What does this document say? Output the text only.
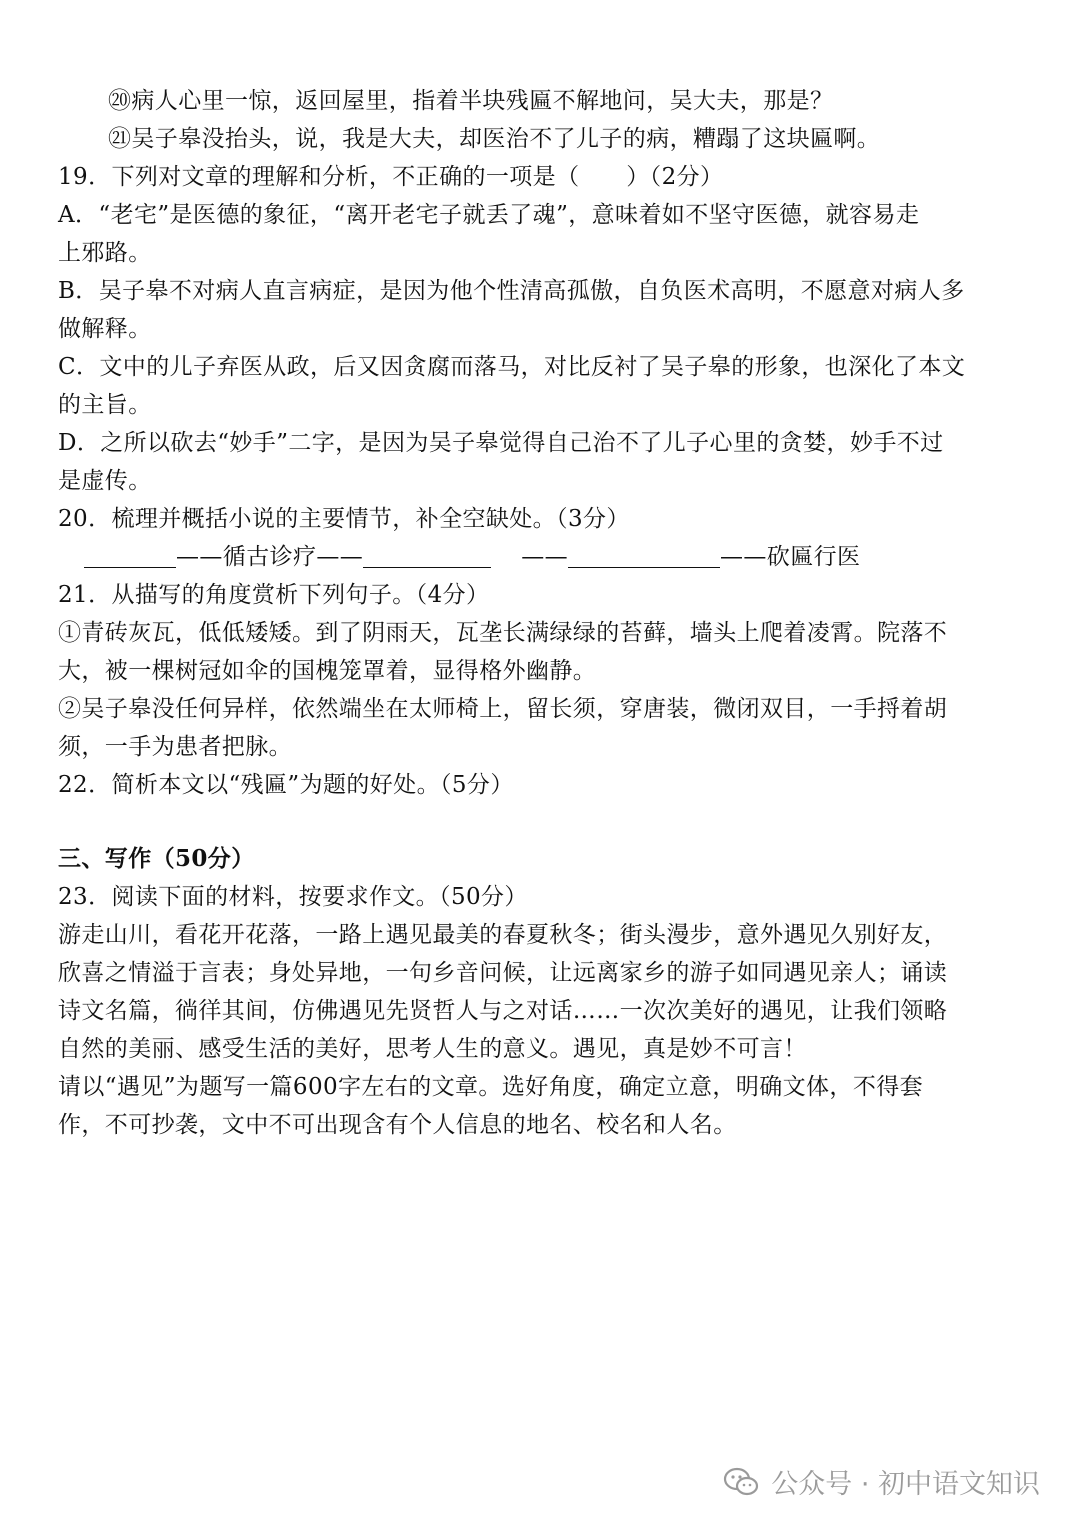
⑳病人心里一惊，返回屋里，指着半块残匾不解地问，吴大夫，那是？
㉑吴子皋没抬头，说，我是大夫，却医治不了儿子的病，糟蹋了这块匾啊。
19．下列对文章的理解和分析，不正确的一项是（　　）（2分）
A．“老宅”是医德的象征，“离开老宅子就丢了魂”，意味着如不坚守医德，就容易走
上邪路。
B．吴子皋不对病人直言病症，是因为他个性清高孤傲，自负医术高明，不愿意对病人多
做解释。
C．文中的儿子弃医从政，后又因贪腐而落马，对比反衬了吴子皋的形象，也深化了本文
的主旨。
D．之所以砍去“妙手”二字，是因为吴子皋觉得自己治不了儿子心里的贪婪，妙手不过
是虚传。
20．梳理并概括小说的主要情节，补全空缺处。（3分）
——循古诊疗——	——	——砍匾行医
21．从描写的角度赏析下列句子。（4分）
①青砖灰瓦，低低矮矮。到了阴雨天，瓦垄长满绿绿的苔藓，墙头上爬着凌霄。院落不
大，被一棵树冠如伞的国槐笼罩着，显得格外幽静。
②吴子皋没任何异样，依然端坐在太师椅上，留长须，穿唐装，微闭双目，一手捋着胡
须，一手为患者把脉。
22．简析本文以“残匾”为题的好处。（5分）
三、写作（50分）
23．阅读下面的材料，按要求作文。（50分）
游走山川，看花开花落，一路上遇见最美的春夏秋冬；街头漫步，意外遇见久别好友，
欣喜之情溢于言表；身处异地，一句乡音问候，让远离家乡的游子如同遇见亲人；诵读
诗文名篇，徜徉其间，仿佛遇见先贤哲人与之对话……一次次美好的遇见，让我们领略
自然的美丽、感受生活的美好，思考人生的意义。遇见，真是妙不可言！
请以“遇见”为题写一篇600字左右的文章。选好角度，确定立意，明确文体，不得套
作，不可抄袭，文中不可出现含有个人信息的地名、校名和人名。
公众号 · 初中语文知识
